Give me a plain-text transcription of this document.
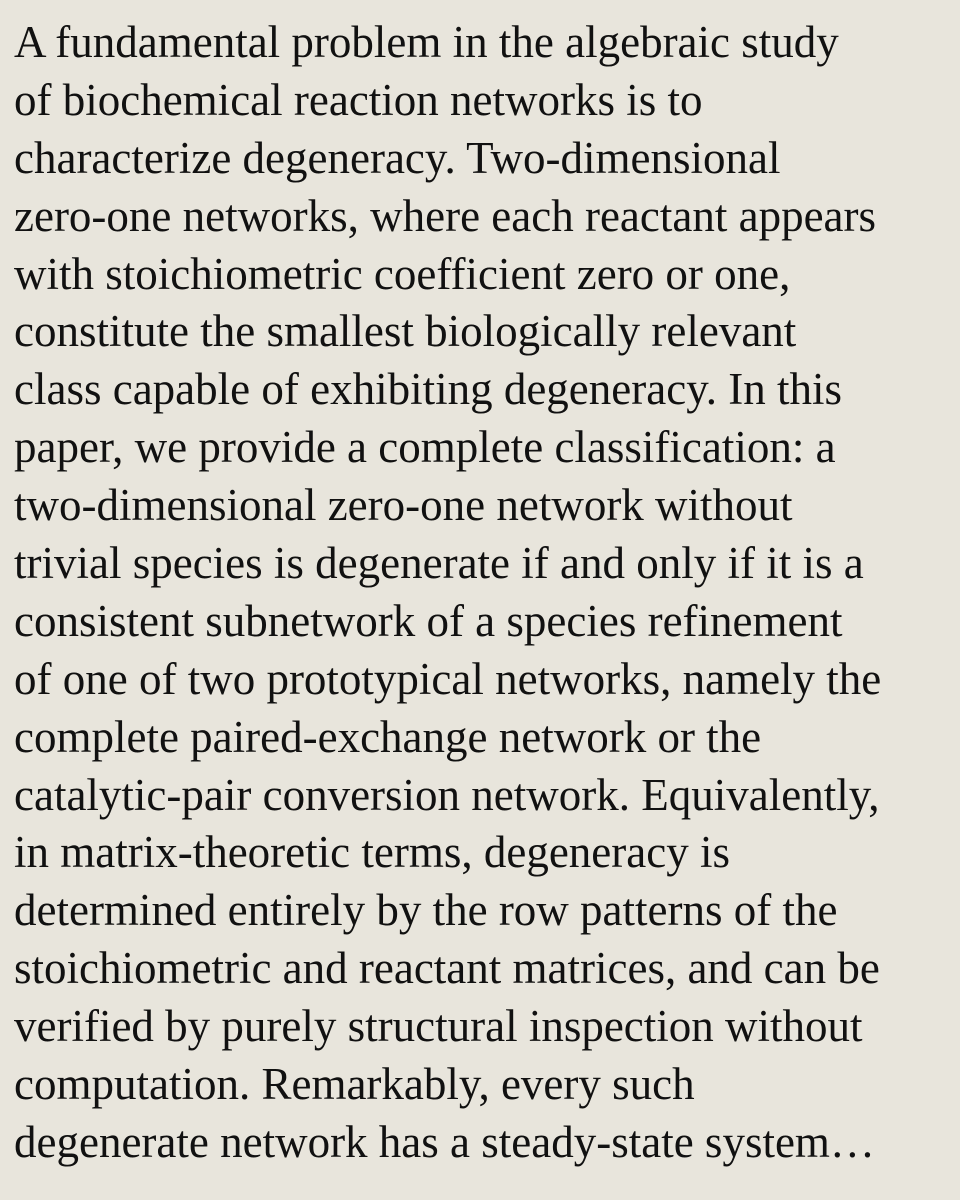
A fundamental problem in the algebraic study
of biochemical reaction networks is to
characterize degeneracy. Two-dimensional
zero-one networks, where each reactant appears
with stoichiometric coefficient zero or one,
constitute the smallest biologically relevant
class capable of exhibiting degeneracy. In this
paper, we provide a complete classification: a
two-dimensional zero-one network without
trivial species is degenerate if and only if it is a
consistent subnetwork of a species refinement
of one of two prototypical networks, namely the
complete paired-exchange network or the
catalytic-pair conversion network. Equivalently,
in matrix-theoretic terms, degeneracy is
determined entirely by the row patterns of the
stoichiometric and reactant matrices, and can be
verified by purely structural inspection without
computation. Remarkably, every such
degenerate network has a steady-state system…
